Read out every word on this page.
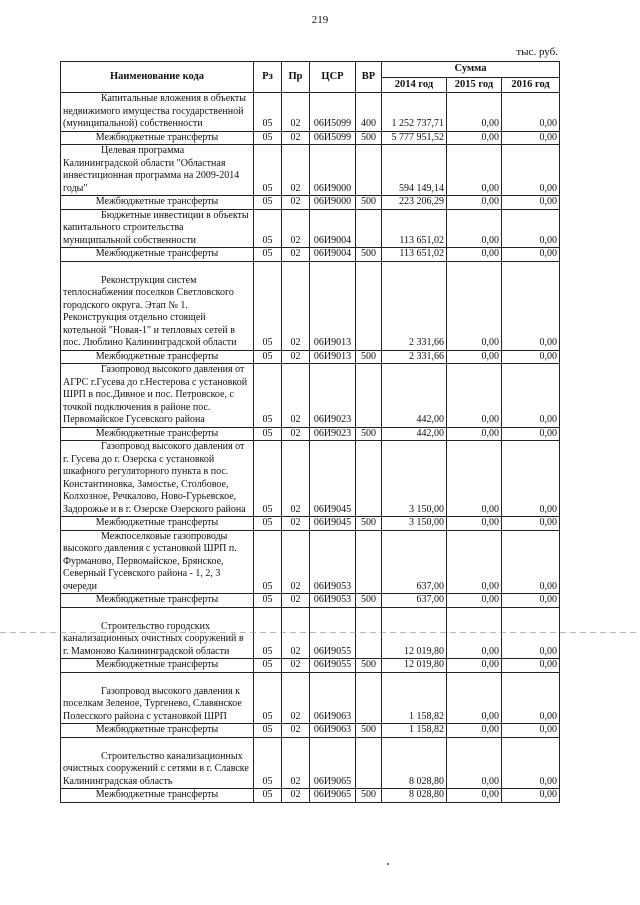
219
тыс. руб.
Наименование кода	Рз	Пр	ЦСР	ВР	Сумма		
					2014 год	2015 год	2016 год
Капитальные вложения в объекты недвижимого имущества государственной (муниципальной) собственности	05	02	06И5099	400	1 252 737,71	0,00	0,00
Межбюджетные трансферты	05	02	06И5099	500	5 777 951,52	0,00	0,00
Целевая программа Калининградской области "Областная инвестиционная программа на 2009-2014 годы"	05	02	06И9000		594 149,14	0,00	0,00
Межбюджетные трансферты	05	02	06И9000	500	223 206,29	0,00	0,00
Бюджетные инвестиции в объекты капитального строительства муниципальной собственности	05	02	06И9004		113 651,02	0,00	0,00
Межбюджетные трансферты	05	02	06И9004	500	113 651,02	0,00	0,00
Реконструкция систем теплоснабжения поселков Светловского городского округа. Этап № 1. Реконструкция отдельно стоящей котельной "Новая-1" и тепловых сетей в пос. Люблино Калининградской области	05	02	06И9013		2 331,66	0,00	0,00
Межбюджетные трансферты	05	02	06И9013	500	2 331,66	0,00	0,00
Газопровод высокого давления от АГРС г.Гусева до г.Нестерова с установкой ШРП в пос.Дивное и пос. Петровское, с точкой подключения в районе пос. Первомайское Гусевского района	05	02	06И9023		442,00	0,00	0,00
Межбюджетные трансферты	05	02	06И9023	500	442,00	0,00	0,00
Газопровод высокого давления от г. Гусева до г. Озерска с установкой шкафного регуляторного пункта в пос. Константиновка, Замостье, Столбовое, Колхозное, Речкалово, Ново-Гурьевское, Задорожье и в г. Озерске Озерского района	05	02	06И9045		3 150,00	0,00	0,00
Межбюджетные трансферты	05	02	06И9045	500	3 150,00	0,00	0,00
Межпоселковые газопроводы высокого давления с установкой ШРП п. Фурманово, Первомайское, Брянское, Северный Гусевского района - 1, 2, 3 очереди	05	02	06И9053		637,00	0,00	0,00
Межбюджетные трансферты	05	02	06И9053	500	637,00	0,00	0,00
Строительство городских канализационных очистных сооружений в г. Мамоново Калининградской области	05	02	06И9055		12 019,80	0,00	0,00
Межбюджетные трансферты	05	02	06И9055	500	12 019,80	0,00	0,00
Газопровод высокого давления к поселкам Зеленое, Тургенево, Славянское Полесского района с установкой ШРП	05	02	06И9063		1 158,82	0,00	0,00
Межбюджетные трансферты	05	02	06И9063	500	1 158,82	0,00	0,00
Строительство канализационных очистных сооружений с сетями в г. Славске Калининградская область	05	02	06И9065		8 028,80	0,00	0,00
Межбюджетные трансферты	05	02	06И9065	500	8 028,80	0,00	0,00
